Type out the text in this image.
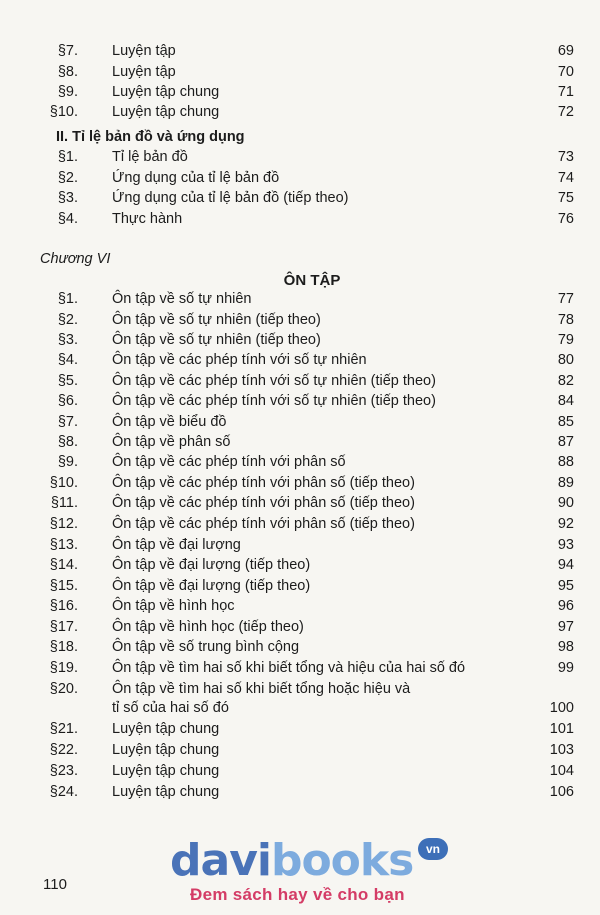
§7. Luyện tập	69
§8. Luyện tập	70
§9. Luyện tập chung	71
§10. Luyện tập chung	72
II. Tỉ lệ bản đồ và ứng dụng
§1. Tỉ lệ bản đồ	73
§2. Ứng dụng của tỉ lệ bản đồ	74
§3. Ứng dụng của tỉ lệ bản đồ (tiếp theo)	75
§4. Thực hành	76
Chương VI
ÔN TẬP
§1. Ôn tập về số tự nhiên	77
§2. Ôn tập về số tự nhiên (tiếp theo)	78
§3. Ôn tập về số tự nhiên (tiếp theo)	79
§4. Ôn tập về các phép tính với số tự nhiên	80
§5. Ôn tập về các phép tính với số tự nhiên (tiếp theo)	82
§6. Ôn tập về các phép tính với số tự nhiên (tiếp theo)	84
§7. Ôn tập về biểu đồ	85
§8. Ôn tập về phân số	87
§9. Ôn tập về các phép tính với phân số	88
§10. Ôn tập về các phép tính với phân số (tiếp theo)	89
§11. Ôn tập về các phép tính với phân số (tiếp theo)	90
§12. Ôn tập về các phép tính với phân số (tiếp theo)	92
§13. Ôn tập về đại lượng	93
§14. Ôn tập về đại lượng (tiếp theo)	94
§15. Ôn tập về đại lượng (tiếp theo)	95
§16. Ôn tập về hình học	96
§17. Ôn tập về hình học (tiếp theo)	97
§18. Ôn tập về số trung bình cộng	98
§19. Ôn tập về tìm hai số khi biết tổng và hiệu của hai số đó	99
§20. Ôn tập về tìm hai số khi biết tổng hoặc hiệu và
tỉ số của hai số đó	100
§21. Luyện tập chung	101
§22. Luyện tập chung	103
§23. Luyện tập chung	104
§24. Luyện tập chung	106
110 davibooks	vn
Đem sách hay về cho bạn
